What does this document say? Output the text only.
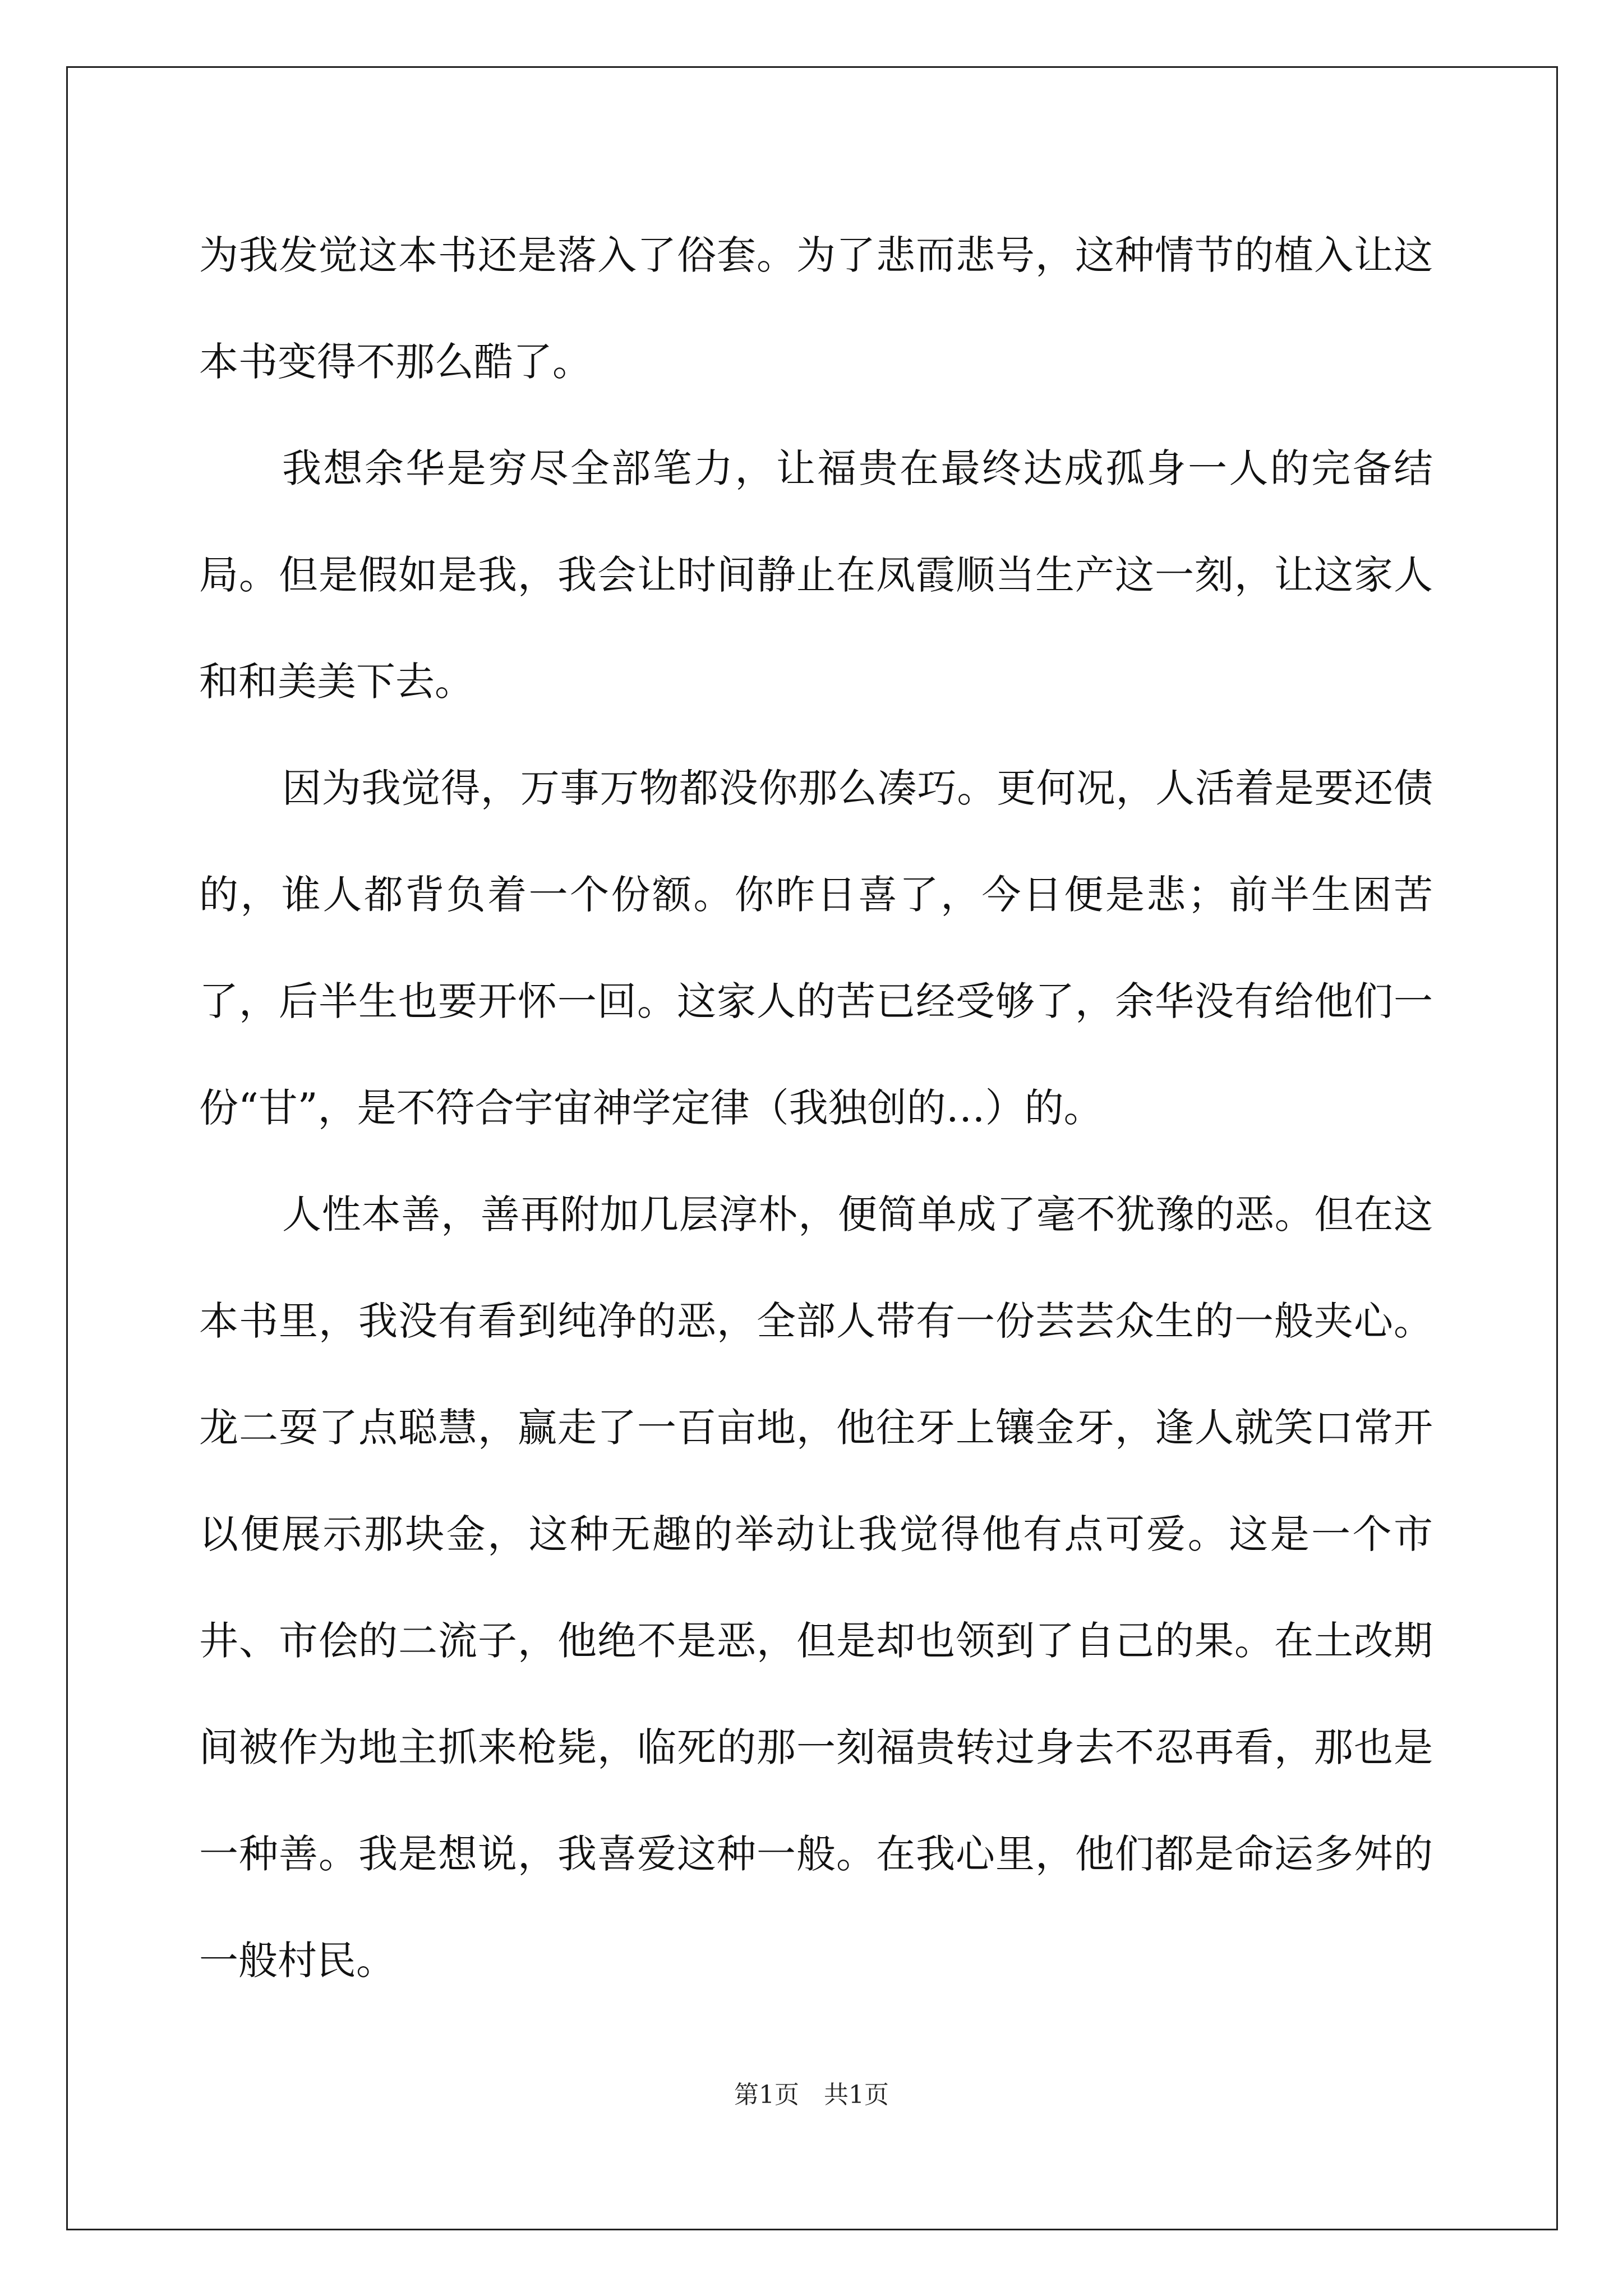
为我发觉这本书还是落入了俗套。为了悲而悲号，这种情节的植入让这本书变得不那么酷了。

我想余华是穷尽全部笔力，让福贵在最终达成孤身一人的完备结局。但是假如是我，我会让时间静止在凤霞顺当生产这一刻，让这家人和和美美下去。

因为我觉得，万事万物都没你那么凑巧。更何况，人活着是要还债的，谁人都背负着一个份额。你昨日喜了，今日便是悲；前半生困苦了，后半生也要开怀一回。这家人的苦已经受够了，余华没有给他们一份“甘”，是不符合宇宙神学定律（我独创的…）的。

人性本善，善再附加几层淳朴，便简单成了毫不犹豫的恶。但在这本书里，我没有看到纯净的恶，全部人带有一份芸芸众生的一般夹心。龙二耍了点聪慧，赢走了一百亩地，他往牙上镶金牙，逢人就笑口常开以便展示那块金，这种无趣的举动让我觉得他有点可爱。这是一个市井、市侩的二流子，他绝不是恶，但是却也领到了自己的果。在土改期间被作为地主抓来枪毙，临死的那一刻福贵转过身去不忍再看，那也是一种善。我是想说，我喜爱这种一般。在我心里，他们都是命运多舛的一般村民。

第1页　共1页
